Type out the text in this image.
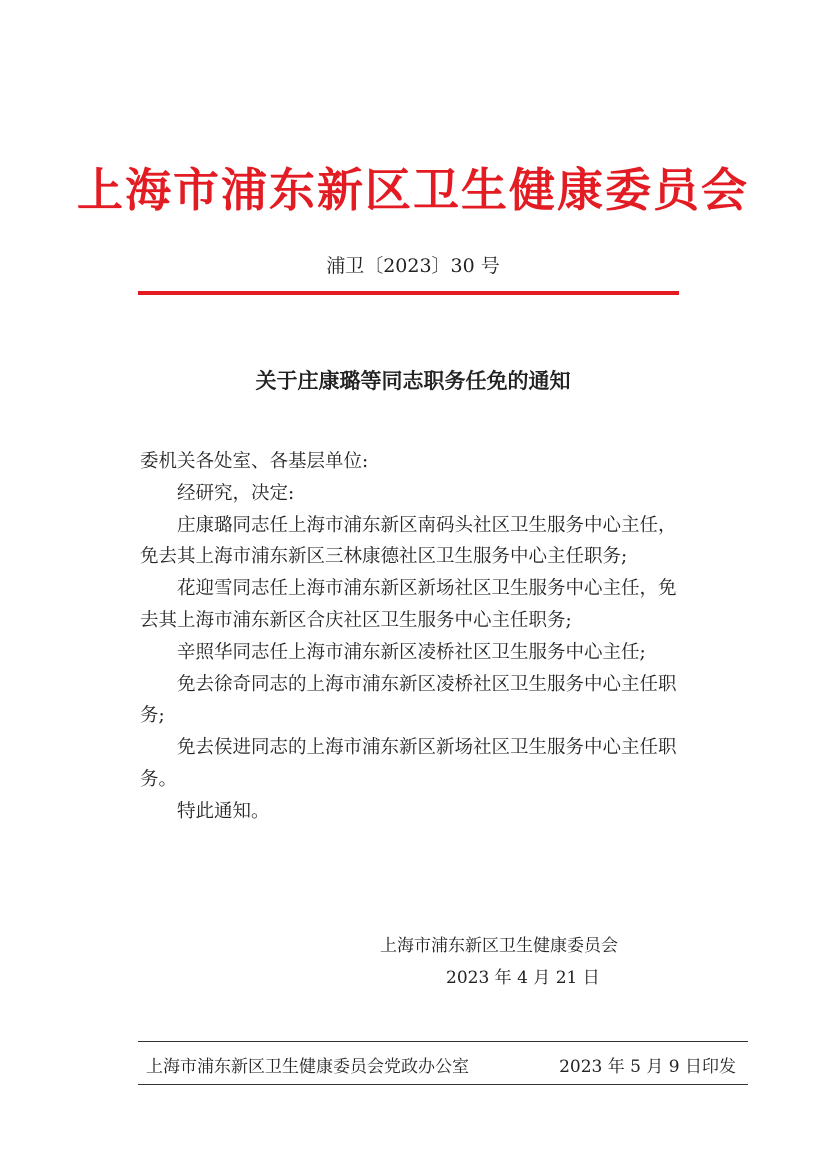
上海市浦东新区卫生健康委员会
浦卫〔2023〕30 号
关于庄康璐等同志职务任免的通知

委机关各处室、各基层单位:

经研究，决定:

庄康璐同志任上海市浦东新区南码头社区卫生服务中心主任，免去其上海市浦东新区三林康德社区卫生服务中心主任职务;

花迎雪同志任上海市浦东新区新场社区卫生服务中心主任，免去其上海市浦东新区合庆社区卫生服务中心主任职务;

辛照华同志任上海市浦东新区凌桥社区卫生服务中心主任;

免去徐奇同志的上海市浦东新区凌桥社区卫生服务中心主任职务;

免去侯进同志的上海市浦东新区新场社区卫生服务中心主任职务。

特此通知。

上海市浦东新区卫生健康委员会
2023 年 4 月 21 日
上海市浦东新区卫生健康委员会党政办公室	2023 年 5 月 9 日印发
